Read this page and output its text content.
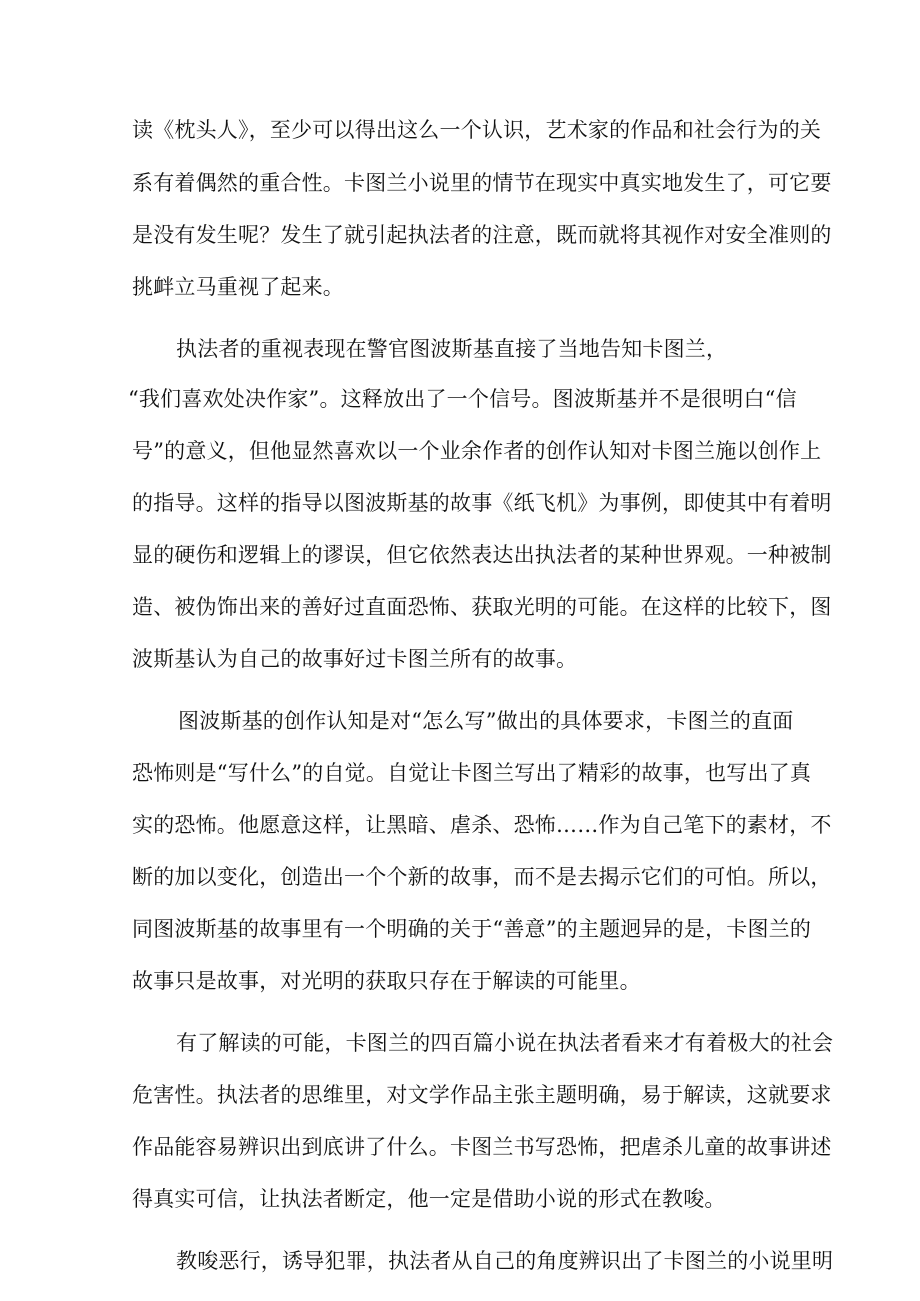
读《枕头人》，至少可以得出这么一个认识，艺术家的作品和社会行为的关

系有着偶然的重合性。卡图兰小说里的情节在现实中真实地发生了，可它要

是没有发生呢？发生了就引起执法者的注意，既而就将其视作对安全准则的

挑衅立马重视了起来。

执法者的重视表现在警官图波斯基直接了当地告知卡图兰，

“我们喜欢处决作家”。这释放出了一个信号。图波斯基并不是很明白“信

号”的意义，但他显然喜欢以一个业余作者的创作认知对卡图兰施以创作上

的指导。这样的指导以图波斯基的故事《纸飞机》为事例，即使其中有着明

显的硬伤和逻辑上的谬误，但它依然表达出执法者的某种世界观。一种被制

造、被伪饰出来的善好过直面恐怖、获取光明的可能。在这样的比较下，图

波斯基认为自己的故事好过卡图兰所有的故事。

图波斯基的创作认知是对“怎么写”做出的具体要求，卡图兰的直面

恐怖则是“写什么”的自觉。自觉让卡图兰写出了精彩的故事，也写出了真

实的恐怖。他愿意这样，让黑暗、虐杀、恐怖……作为自己笔下的素材，不

断的加以变化，创造出一个个新的故事，而不是去揭示它们的可怕。所以，

同图波斯基的故事里有一个明确的关于“善意”的主题迥异的是，卡图兰的

故事只是故事，对光明的获取只存在于解读的可能里。

有了解读的可能，卡图兰的四百篇小说在执法者看来才有着极大的社会

危害性。执法者的思维里，对文学作品主张主题明确，易于解读，这就要求

作品能容易辨识出到底讲了什么。卡图兰书写恐怖，把虐杀儿童的故事讲述

得真实可信，让执法者断定，他一定是借助小说的形式在教唆。

教唆恶行，诱导犯罪，执法者从自己的角度辨识出了卡图兰的小说里明
